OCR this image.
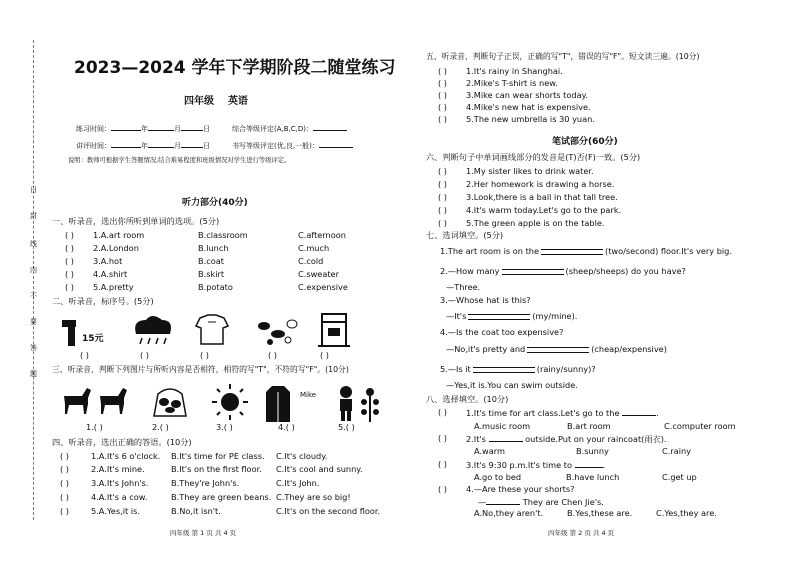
日
封
线
内
不
要
答
题
2023—2024 学年下学期阶段二随堂练习
四年级 英语
练习时间：	年	月	日	综合等级评定(A,B,C,D)：
讲评时间：	年	月	日	书写等级评定(优,良,一般)：
说明：教师可根据学生答题情况,结合难易程度和班级情况对学生进行等级评定。
听力部分(40分)
一、听录音，选出你所听到单词的选项。(5分)
( ) 1.A.art room	B.classroom	C.afternoon
( ) 2.A.London	B.lunch	C.much
( ) 3.A.hot	B.coat	C.cold
( ) 4.A.shirt	B.skirt	C.sweater
( ) 5.A.pretty	B.potato	C.expensive
二、听录音，标序号。(5分)
15元
( )	( )	( )	( )	( )
三、听录音，判断下列图片与所听内容是否相符，相符的写"T"，不符的写"F"。(10分)
Mike
1.( )	2.( )	3.( )	4.( )	5.( )
四、听录音，选出正确的答语。(10分)
( )	1.A.It's 6 o'clock. B.It's time for PE class. C.It's cloudy.
( )	2.A.It's mine.	B.It's on the first floor. C.It's cool and sunny.
( )	3.A.It's John's.	B.They're John's.	C.It's John.
( )	4.A.It's a cow.	B.They are green beans. C.They are so big!
( )	5.A.Yes,it is.	B.No,it isn't.	C.It's on the second floor.
四年级 第 1 页 共 4 页
五、听录音，判断句子正误，正确的写"T"，错误的写"F"。短文读三遍。(10分)
( ) 1.It's rainy in Shanghai.
( ) 2.Mike's T-shirt is new.
( ) 3.Mike can wear shorts today.
( ) 4.Mike's new hat is expensive.
( ) 5.The new umbrella is 30 yuan.
笔试部分(60分)
六、判断句子中单词画线部分的发音是(T)否(F)一致。(5分)
( ) 1.My sister likes to drink water.
( ) 2.Her homework is drawing a horse.
( ) 3.Look,there is a ball in that tall tree.
( ) 4.It's warm today.Let's go to the park.
( ) 5.The green apple is on the table.
七、选词填空。(5分)
1.The art room is on the	(two/second) floor.It's very big.
2.—How many	(sheep/sheeps) do you have?
—Three.
3.—Whose hat is this?
—It's	(my/mine).
4.—Is the coat too expensive?
—No,it's pretty and	(cheap/expensive)
5.—Is it	(rainy/sunny)?
—Yes,it is.You can swim outside.
八、选择填空。(10分)
( ) 1.It's time for art class.Let's go to the	.
A.music room	B.art room	C.computer room
( ) 2.It's	outside.Put on your raincoat(雨衣).
A.warm	B.sunny	C.rainy
( ) 3.It's 9:30 p.m.It's time to	.
A.go to bed	B.have lunch	C.get up
( ) 4.—Are these your shorts?
—	They are Chen Jie's.
A.No,they aren't.	B.Yes,these are.	C.Yes,they are.
四年级 第 2 页 共 4 页
